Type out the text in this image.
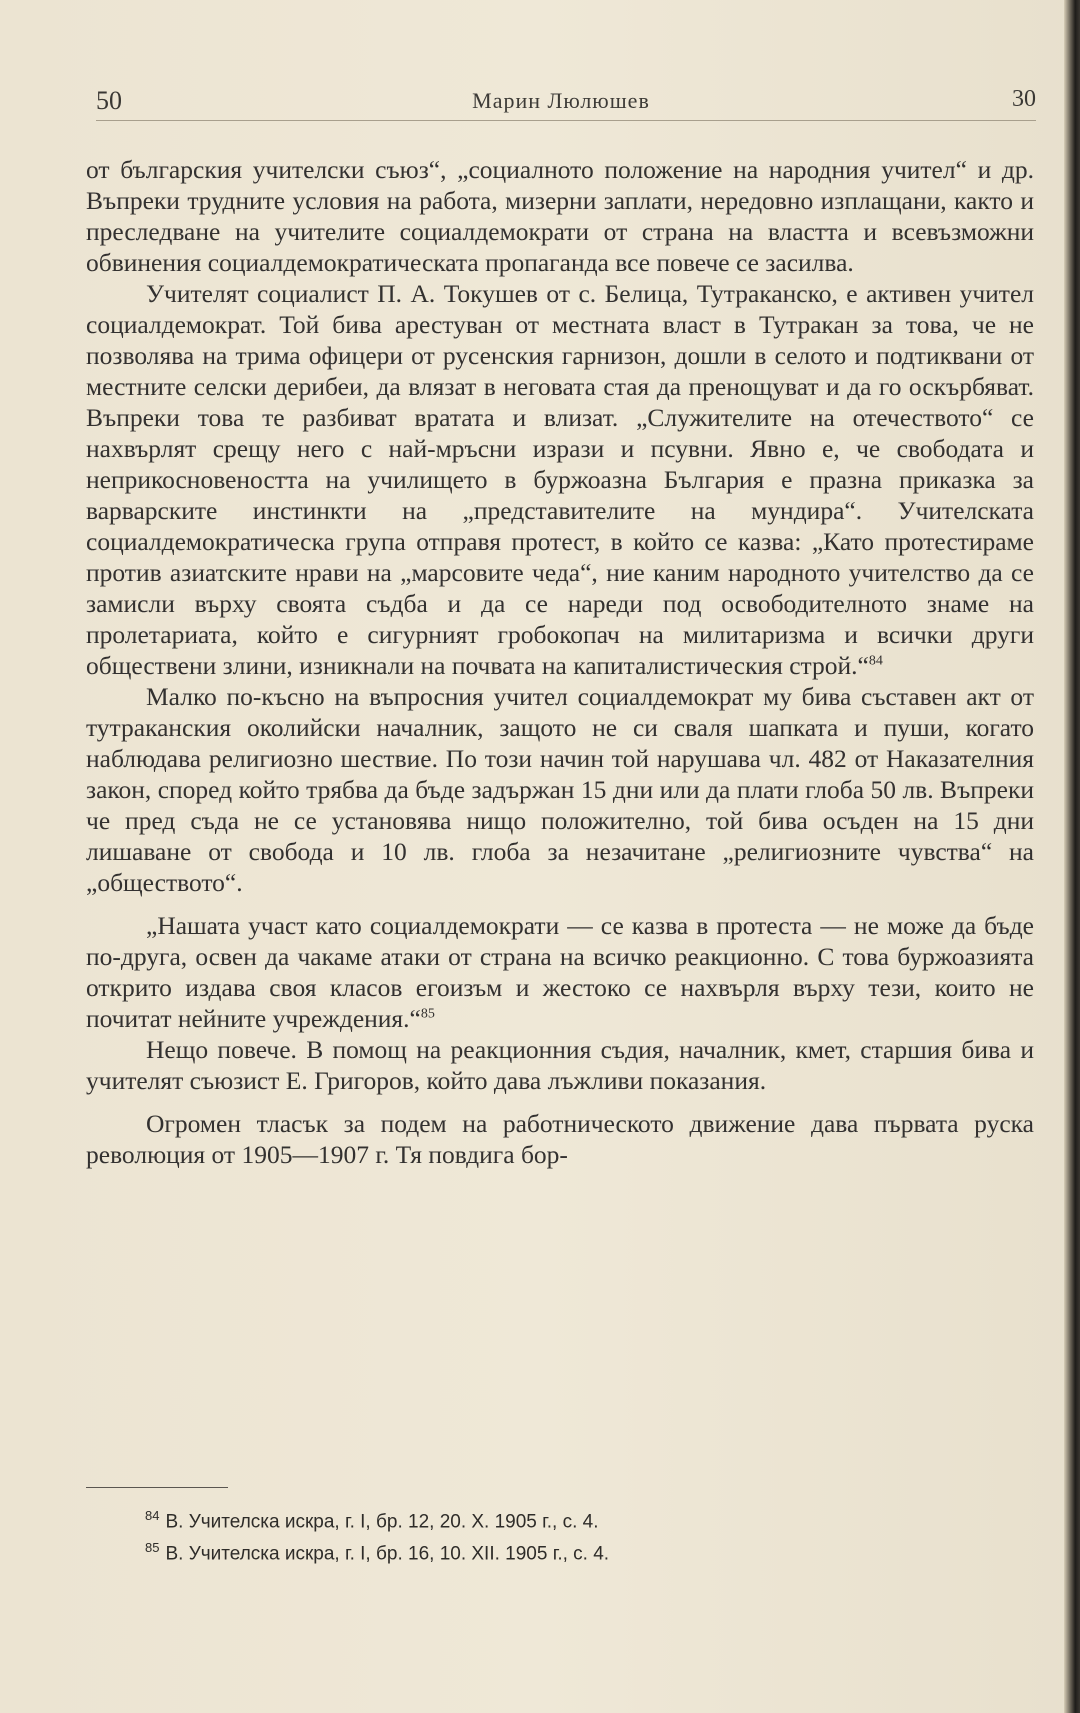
50	Марин Люлюшев	30

от българския учителски съюз“, „социалното положение на народния учител“ и др. Въпреки трудните условия на работа, мизерни заплати, нередовно изплащани, както и преследване на учителите социалдемократи от страна на властта и всевъзможни обвинения социалдемократическата пропаганда все повече се засилва.

Учителят социалист П. А. Токушев от с. Белица, Тутраканско, е активен учител социалдемократ. Той бива арестуван от местната власт в Тутракан за това, че не позволява на трима офицери от русенския гарнизон, дошли в селото и подтиквани от местните селски дерибеи, да влязат в неговата стая да пренощуват и да го оскърбяват. Въпреки това те разбиват вратата и влизат. „Служителите на отечеството“ се нахвърлят срещу него с най-мръсни изрази и псувни. Явно е, че свободата и неприкосновеността на училището в буржоазна България е празна приказка за варварските инстинкти на „представителите на мундира“. Учителската социалдемократическа група отправя протест, в който се казва: „Като протестираме против азиатските нрави на „марсовите чеда“, ние каним народното учителство да се замисли върху своята съдба и да се нареди под освободителното знаме на пролетариата, който е сигурният гробокопач на милитаризма и всички други обществени злини, изникнали на почвата на капиталистическия строй.“$^{84}$

Малко по-късно на въпросния учител социалдемократ му бива съставен акт от тутраканския околийски началник, защото не си сваля шапката и пуши, когато наблюдава религиозно шествие. По този начин той нарушава чл. 482 от Наказателния закон, според който трябва да бъде задържан 15 дни или да плати глоба 50 лв. Въпреки че пред съда не се установява нищо положително, той бива осъден на 15 дни лишаване от свобода и 10 лв. глоба за незачитане „религиозните чувства“ на „обществото“.

„Нашата участ като социалдемократи — се казва в протеста — не може да бъде по-друга, освен да чакаме атаки от страна на всичко реакционно. С това буржоазията открито издава своя класов егоизъм и жестоко се нахвърля върху тези, които не почитат нейните учреждения.“$^{85}$

Нещо повече. В помощ на реакционния съдия, началник, кмет, старшия бива и учителят съюзист Е. Григоров, който дава лъжливи показания.

Огромен тласък за подем на работническото движение дава първата руска революция от 1905—1907 г. Тя повдига бор-

$^{84}$ В. Учителска искра, г. I, бр. 12, 20. X. 1905 г., с. 4.
$^{85}$ В. Учителска искра, г. I, бр. 16, 10. XII. 1905 г., с. 4.
